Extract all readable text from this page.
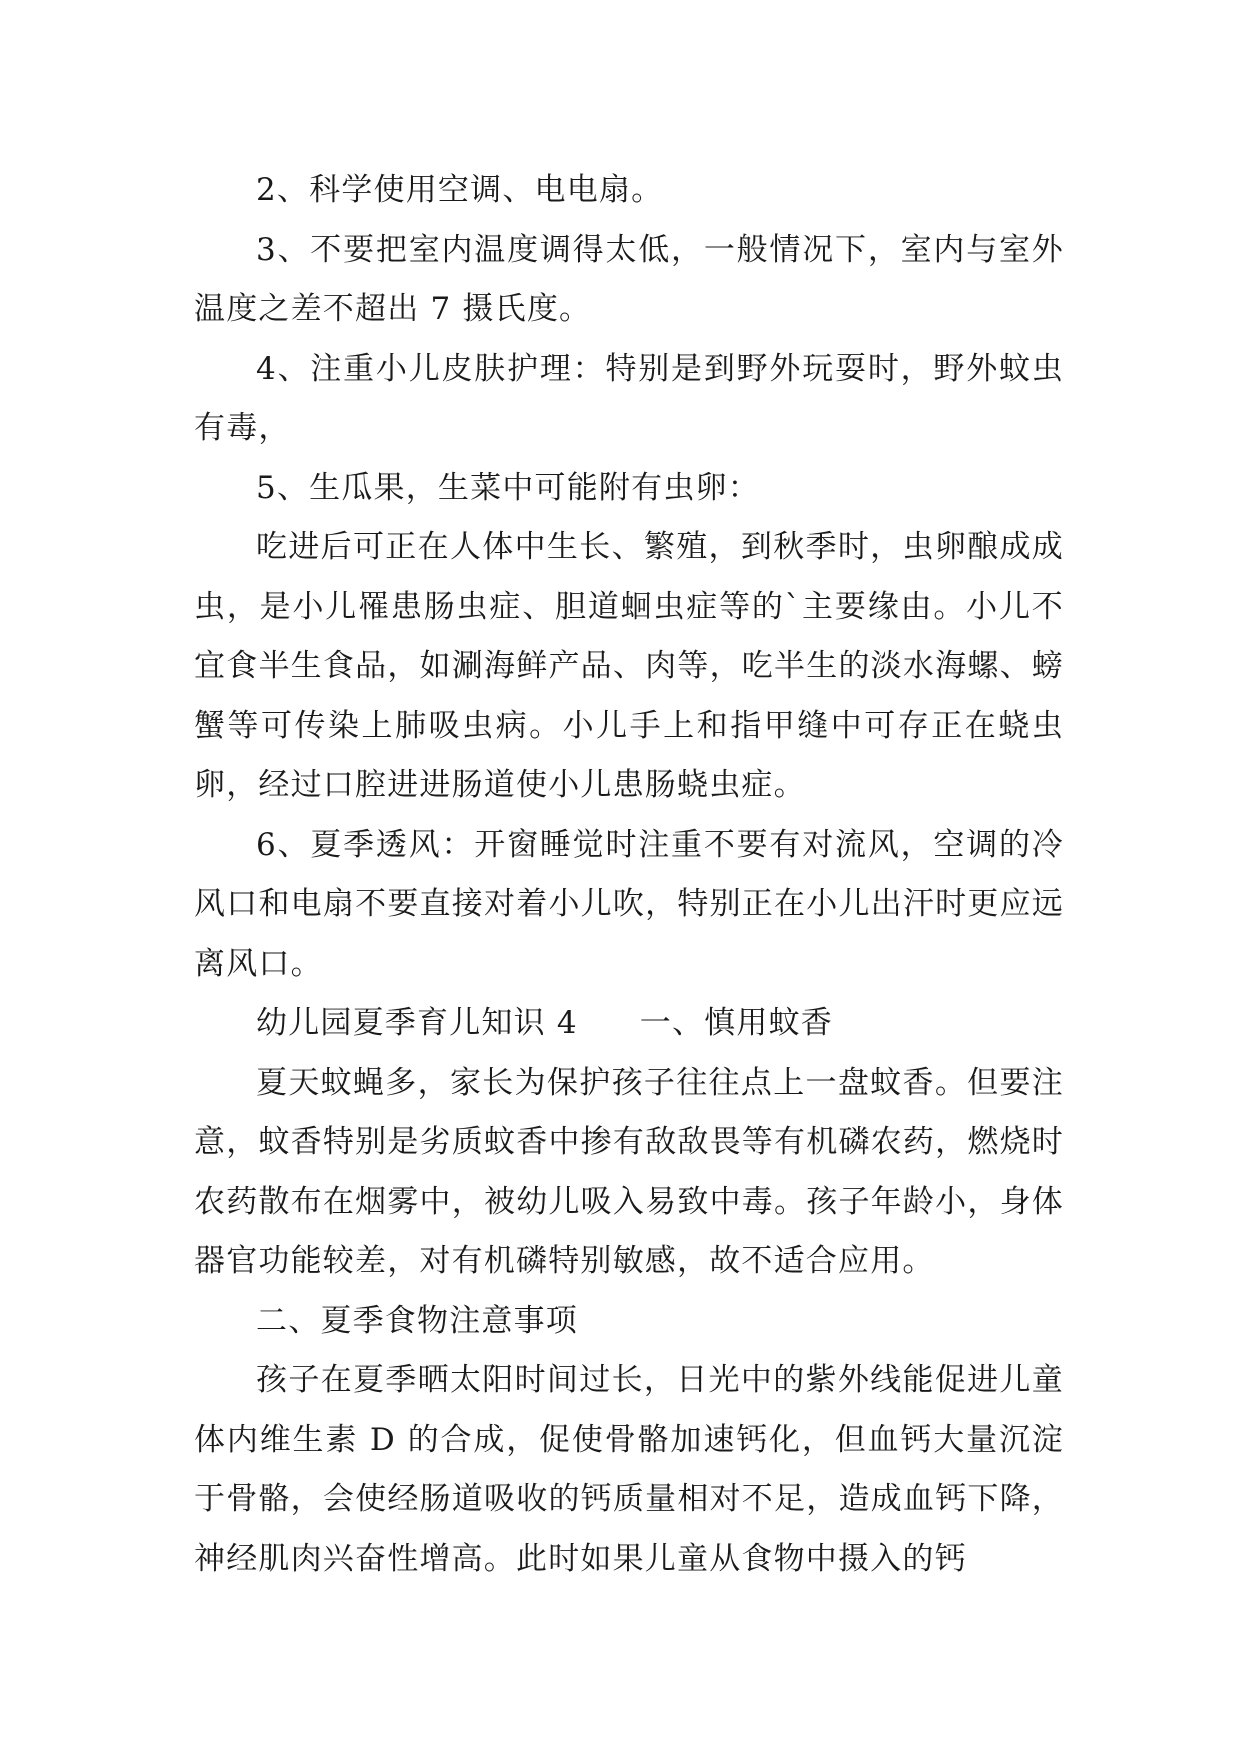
2、科学使用空调、电电扇。

3、不要把室内温度调得太低，一般情况下，室内与室外温度之差不超出 7 摄氏度。

4、注重小儿皮肤护理：特别是到野外玩耍时，野外蚊虫有毒，

5、生瓜果，生菜中可能附有虫卵：

吃进后可正在人体中生长、繁殖，到秋季时，虫卵酿成成虫，是小儿罹患肠虫症、胆道蛔虫症等的`主要缘由。小儿不宜食半生食品，如涮海鲜产品、肉等，吃半生的淡水海螺、螃蟹等可传染上肺吸虫病。小儿手上和指甲缝中可存正在蛲虫卵，经过口腔进进肠道使小儿患肠蛲虫症。

6、夏季透风：开窗睡觉时注重不要有对流风，空调的冷风口和电扇不要直接对着小儿吹，特别正在小儿出汗时更应远离风口。

幼儿园夏季育儿知识 4 一、慎用蚊香

夏天蚊蝇多，家长为保护孩子往往点上一盘蚊香。但要注意，蚊香特别是劣质蚊香中掺有敌敌畏等有机磷农药，燃烧时农药散布在烟雾中，被幼儿吸入易致中毒。孩子年龄小，身体器官功能较差，对有机磷特别敏感，故不适合应用。

二、夏季食物注意事项

孩子在夏季晒太阳时间过长，日光中的紫外线能促进儿童体内维生素 D 的合成，促使骨骼加速钙化，但血钙大量沉淀于骨骼，会使经肠道吸收的钙质量相对不足，造成血钙下降，神经肌肉兴奋性增高。此时如果儿童从食物中摄入的钙
